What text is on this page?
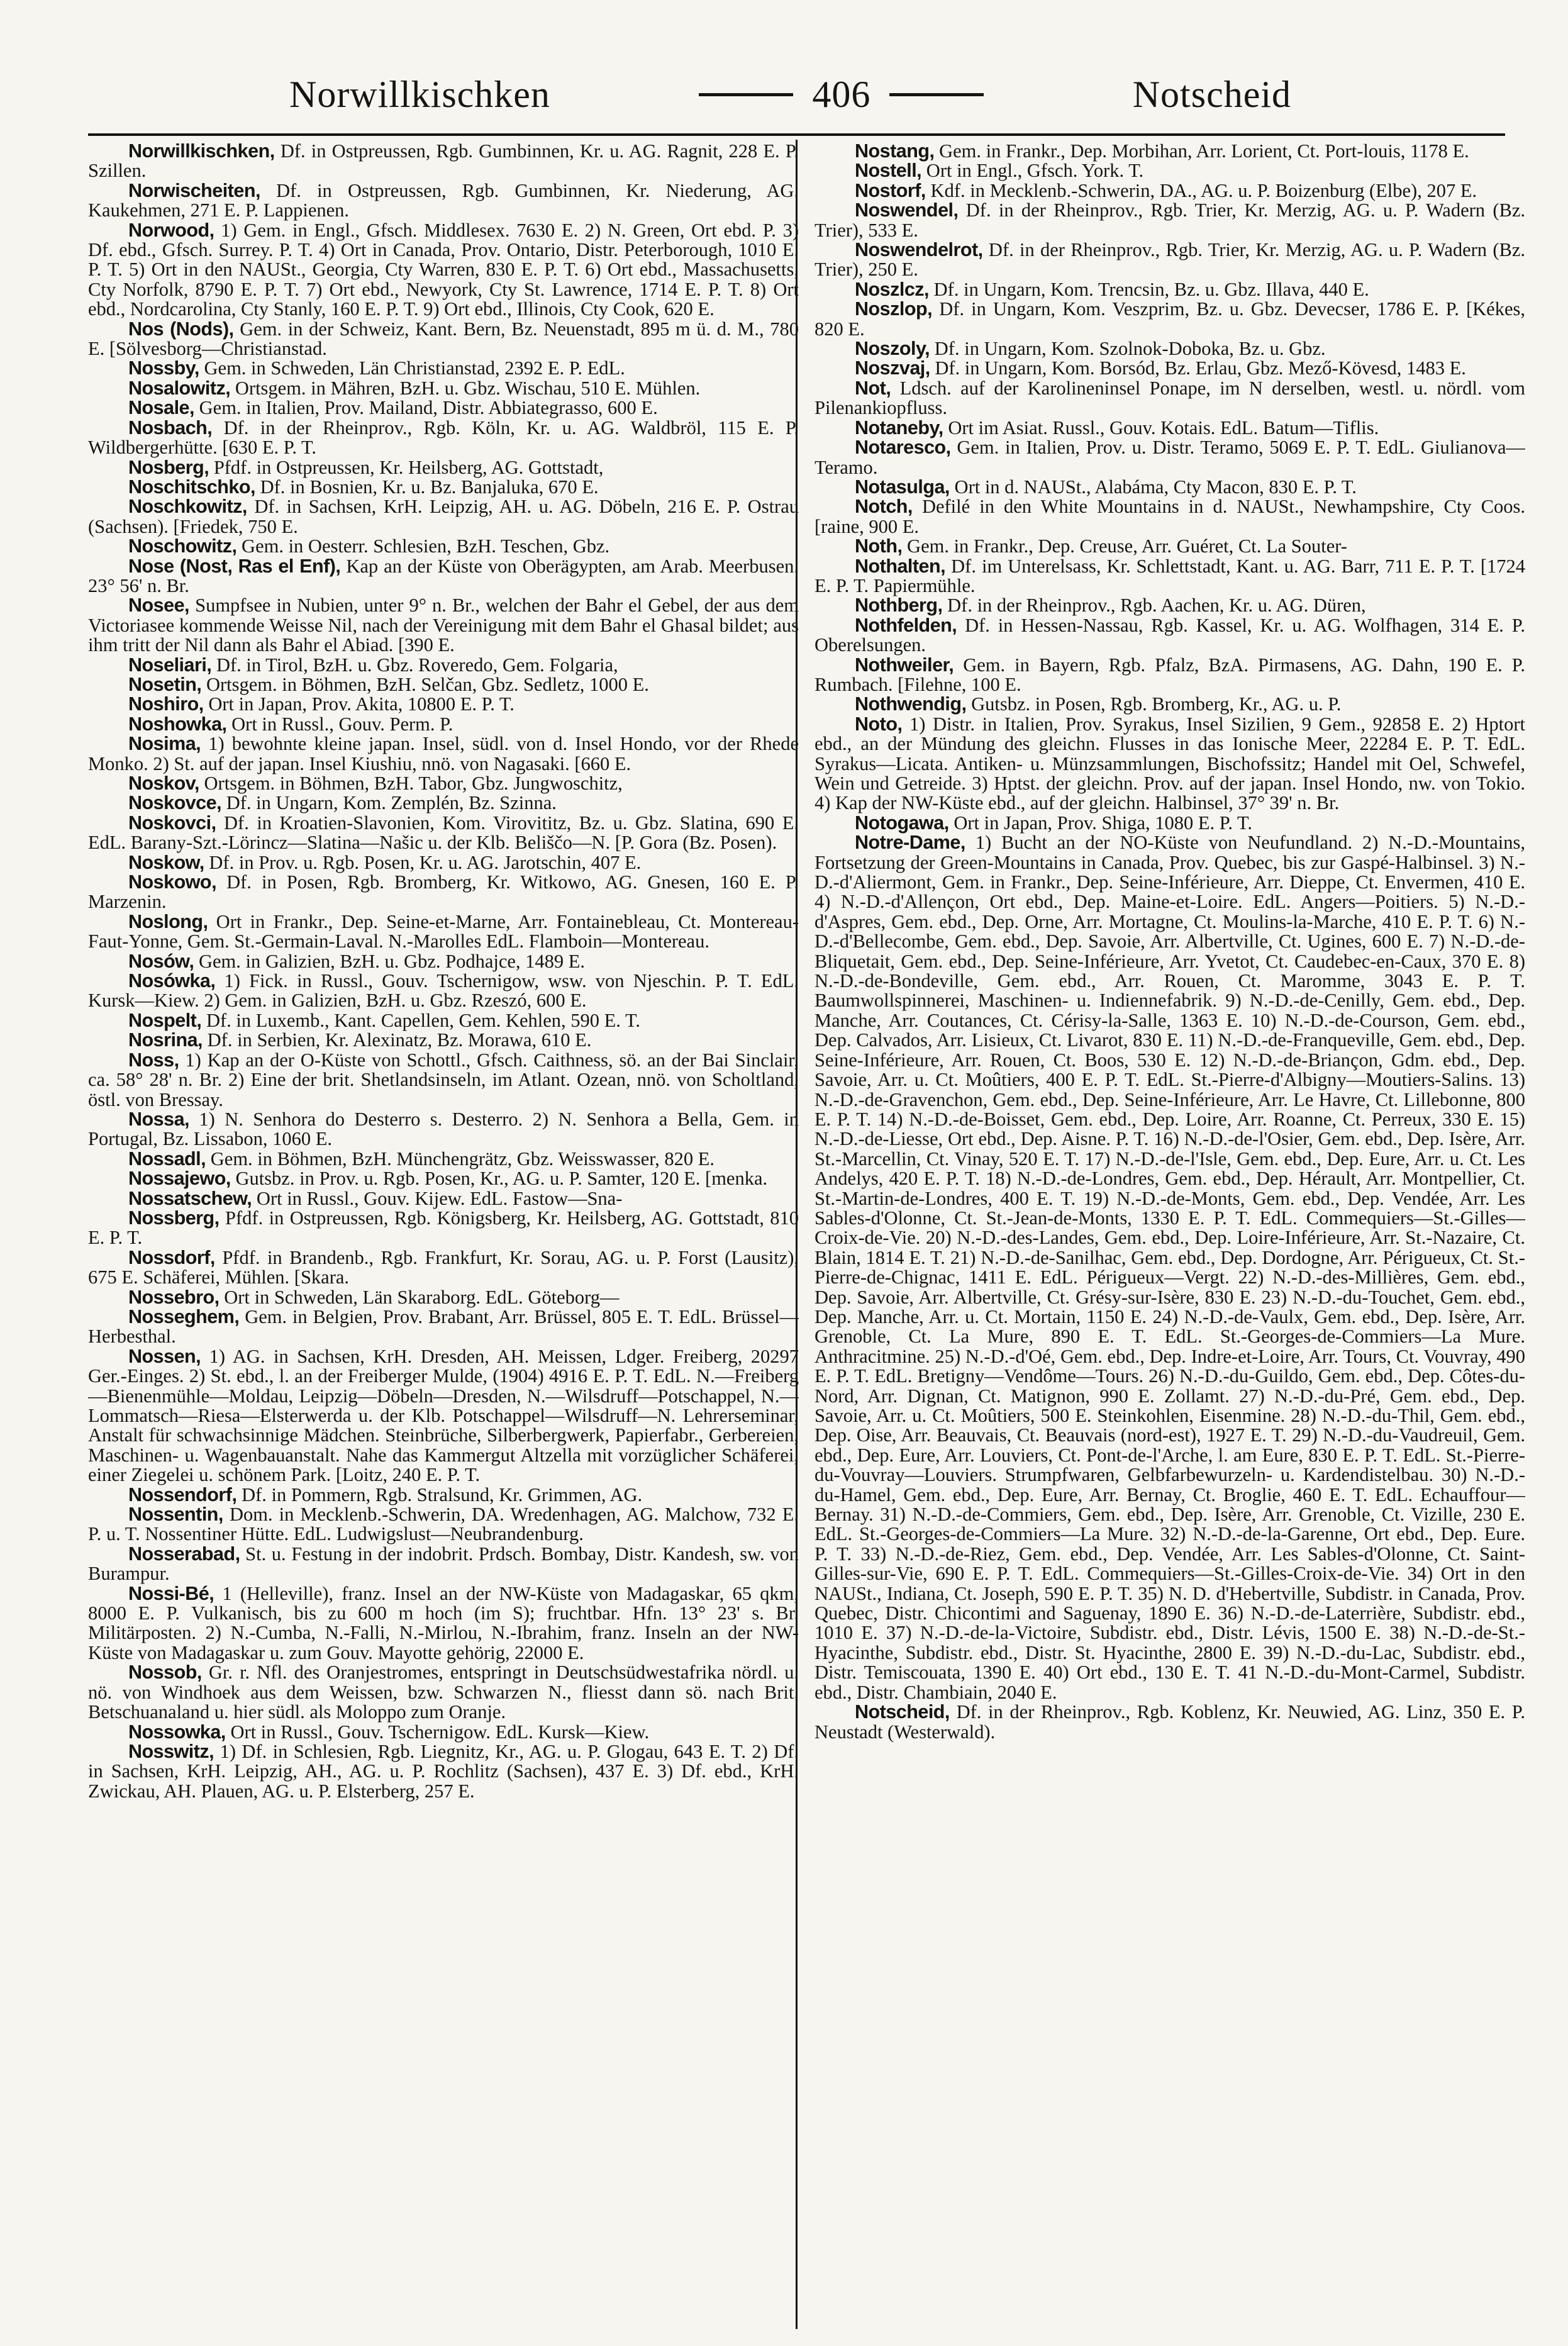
Norwillkischken	406	Notscheid

Norwillkischken, Df. in Ostpreussen, Rgb. Gumbinnen, Kr. u. AG. Ragnit, 228 E. P. Szillen.

Norwischeiten, Df. in Ostpreussen, Rgb. Gumbinnen, Kr. Niederung, AG. Kaukehmen, 271 E. P. Lappienen.

Norwood, 1) Gem. in Engl., Gfsch. Middlesex. 7630 E. 2) N. Green, Ort ebd. P. 3) Df. ebd., Gfsch. Surrey. P. T. 4) Ort in Canada, Prov. Ontario, Distr. Peterborough, 1010 E. P. T. 5) Ort in den NAUSt., Georgia, Cty Warren, 830 E. P. T. 6) Ort ebd., Massachusetts, Cty Norfolk, 8790 E. P. T. 7) Ort ebd., Newyork, Cty St. Lawrence, 1714 E. P. T. 8) Ort ebd., Nordcarolina, Cty Stanly, 160 E. P. T. 9) Ort ebd., Illinois, Cty Cook, 620 E.

Nos (Nods), Gem. in der Schweiz, Kant. Bern, Bz. Neuenstadt, 895 m ü. d. M., 780 E. [Sölvesborg—Christianstad.

Nossby, Gem. in Schweden, Län Christianstad, 2392 E. P. EdL.

Nosalowitz, Ortsgem. in Mähren, BzH. u. Gbz. Wischau, 510 E. Mühlen.

Nosale, Gem. in Italien, Prov. Mailand, Distr. Abbiategrasso, 600 E.

Nosbach, Df. in der Rheinprov., Rgb. Köln, Kr. u. AG. Waldbröl, 115 E. P. Wildbergerhütte. [630 E. P. T.

Nosberg, Pfdf. in Ostpreussen, Kr. Heilsberg, AG. Gottstadt,

Noschitschko, Df. in Bosnien, Kr. u. Bz. Banjaluka, 670 E.

Noschkowitz, Df. in Sachsen, KrH. Leipzig, AH. u. AG. Döbeln, 216 E. P. Ostrau (Sachsen). [Friedek, 750 E.

Noschowitz, Gem. in Oesterr. Schlesien, BzH. Teschen, Gbz.

Nose (Nost, Ras el Enf), Kap an der Küste von Oberägypten, am Arab. Meerbusen. 23° 56' n. Br.

Nosee, Sumpfsee in Nubien, unter 9° n. Br., welchen der Bahr el Gebel, der aus dem Victoriasee kommende Weisse Nil, nach der Vereinigung mit dem Bahr el Ghasal bildet; aus ihm tritt der Nil dann als Bahr el Abiad. [390 E.

Noseliari, Df. in Tirol, BzH. u. Gbz. Roveredo, Gem. Folgaria,

Nosetin, Ortsgem. in Böhmen, BzH. Selčan, Gbz. Sedletz, 1000 E.

Noshiro, Ort in Japan, Prov. Akita, 10800 E. P. T.

Noshowka, Ort in Russl., Gouv. Perm. P.

Nosima, 1) bewohnte kleine japan. Insel, südl. von d. Insel Hondo, vor der Rhede Monko. 2) St. auf der japan. Insel Kiushiu, nnö. von Nagasaki. [660 E.

Noskov, Ortsgem. in Böhmen, BzH. Tabor, Gbz. Jungwoschitz,

Noskovce, Df. in Ungarn, Kom. Zemplén, Bz. Szinna.

Noskovci, Df. in Kroatien-Slavonien, Kom. Virovititz, Bz. u. Gbz. Slatina, 690 E. EdL. Barany-Szt.-Lörincz—Slatina—Našic u. der Klb. Beliščo—N. [P. Gora (Bz. Posen).

Noskow, Df. in Prov. u. Rgb. Posen, Kr. u. AG. Jarotschin, 407 E.

Noskowo, Df. in Posen, Rgb. Bromberg, Kr. Witkowo, AG. Gnesen, 160 E. P. Marzenin.

Noslong, Ort in Frankr., Dep. Seine-et-Marne, Arr. Fontainebleau, Ct. Montereau-Faut-Yonne, Gem. St.-Germain-Laval. N.-Marolles EdL. Flamboin—Montereau.

Nosów, Gem. in Galizien, BzH. u. Gbz. Podhajce, 1489 E.

Nosówka, 1) Fick. in Russl., Gouv. Tschernigow, wsw. von Njeschin. P. T. EdL. Kursk—Kiew. 2) Gem. in Galizien, BzH. u. Gbz. Rzeszó, 600 E.

Nospelt, Df. in Luxemb., Kant. Capellen, Gem. Kehlen, 590 E. T.

Nosrina, Df. in Serbien, Kr. Alexinatz, Bz. Morawa, 610 E.

Noss, 1) Kap an der O-Küste von Schottl., Gfsch. Caithness, sö. an der Bai Sinclair, ca. 58° 28' n. Br. 2) Eine der brit. Shetlandsinseln, im Atlant. Ozean, nnö. von Scholtland, östl. von Bressay.

Nossa, 1) N. Senhora do Desterro s. Desterro. 2) N. Senhora a Bella, Gem. in Portugal, Bz. Lissabon, 1060 E.

Nossadl, Gem. in Böhmen, BzH. Münchengrätz, Gbz. Weisswasser, 820 E.

Nossajewo, Gutsbz. in Prov. u. Rgb. Posen, Kr., AG. u. P. Samter, 120 E. [menka.

Nossatschew, Ort in Russl., Gouv. Kijew. EdL. Fastow—Sna-

Nossberg, Pfdf. in Ostpreussen, Rgb. Königsberg, Kr. Heilsberg, AG. Gottstadt, 810 E. P. T.

Nossdorf, Pfdf. in Brandenb., Rgb. Frankfurt, Kr. Sorau, AG. u. P. Forst (Lausitz), 675 E. Schäferei, Mühlen. [Skara.

Nossebro, Ort in Schweden, Län Skaraborg. EdL. Göteborg—

Nosseghem, Gem. in Belgien, Prov. Brabant, Arr. Brüssel, 805 E. T. EdL. Brüssel—Herbesthal.

Nossen, 1) AG. in Sachsen, KrH. Dresden, AH. Meissen, Ldger. Freiberg, 20297 Ger.-Einges. 2) St. ebd., l. an der Freiberger Mulde, (1904) 4916 E. P. T. EdL. N.—Freiberg—Bienenmühle—Moldau, Leipzig—Döbeln—Dresden, N.—Wilsdruff—Potschappel, N.—Lommatsch—Riesa—Elsterwerda u. der Klb. Potschappel—Wilsdruff—N. Lehrerseminar, Anstalt für schwachsinnige Mädchen. Steinbrüche, Silberbergwerk, Papierfabr., Gerbereien, Maschinen- u. Wagenbauanstalt. Nahe das Kammergut Altzella mit vorzüglicher Schäferei, einer Ziegelei u. schönem Park. [Loitz, 240 E. P. T.

Nossendorf, Df. in Pommern, Rgb. Stralsund, Kr. Grimmen, AG.

Nossentin, Dom. in Mecklenb.-Schwerin, DA. Wredenhagen, AG. Malchow, 732 E. P. u. T. Nossentiner Hütte. EdL. Ludwigslust—Neubrandenburg.

Nosserabad, St. u. Festung in der indobrit. Prdsch. Bombay, Distr. Kandesh, sw. von Burampur.

Nossi-Bé, 1 (Helleville), franz. Insel an der NW-Küste von Madagaskar, 65 qkm, 8000 E. P. Vulkanisch, bis zu 600 m hoch (im S); fruchtbar. Hfn. 13° 23' s. Br. Militärposten. 2) N.-Cumba, N.-Falli, N.-Mirlou, N.-Ibrahim, franz. Inseln an der NW-Küste von Madagaskar u. zum Gouv. Mayotte gehörig, 22000 E.

Nossob, Gr. r. Nfl. des Oranjestromes, entspringt in Deutschsüdwestafrika nördl. u. nö. von Windhoek aus dem Weissen, bzw. Schwarzen N., fliesst dann sö. nach Brit. Betschuanaland u. hier südl. als Moloppo zum Oranje.

Nossowka, Ort in Russl., Gouv. Tschernigow. EdL. Kursk—Kiew.

Nosswitz, 1) Df. in Schlesien, Rgb. Liegnitz, Kr., AG. u. P. Glogau, 643 E. T. 2) Df. in Sachsen, KrH. Leipzig, AH., AG. u. P. Rochlitz (Sachsen), 437 E. 3) Df. ebd., KrH. Zwickau, AH. Plauen, AG. u. P. Elsterberg, 257 E.

Nostang, Gem. in Frankr., Dep. Morbihan, Arr. Lorient, Ct. Port-louis, 1178 E.

Nostell, Ort in Engl., Gfsch. York. T.

Nostorf, Kdf. in Mecklenb.-Schwerin, DA., AG. u. P. Boizenburg (Elbe), 207 E.

Noswendel, Df. in der Rheinprov., Rgb. Trier, Kr. Merzig, AG. u. P. Wadern (Bz. Trier), 533 E.

Noswendelrot, Df. in der Rheinprov., Rgb. Trier, Kr. Merzig, AG. u. P. Wadern (Bz. Trier), 250 E.

Noszlcz, Df. in Ungarn, Kom. Trencsin, Bz. u. Gbz. Illava, 440 E.

Noszlop, Df. in Ungarn, Kom. Veszprim, Bz. u. Gbz. Devecser, 1786 E. P. [Kékes, 820 E.

Noszoly, Df. in Ungarn, Kom. Szolnok-Doboka, Bz. u. Gbz.

Noszvaj, Df. in Ungarn, Kom. Borsód, Bz. Erlau, Gbz. Mező-Kövesd, 1483 E.

Not, Ldsch. auf der Karolineninsel Ponape, im N derselben, westl. u. nördl. vom Pilenankiopfluss.

Notaneby, Ort im Asiat. Russl., Gouv. Kotais. EdL. Batum—Tiflis.

Notaresco, Gem. in Italien, Prov. u. Distr. Teramo, 5069 E. P. T. EdL. Giulianova—Teramo.

Notasulga, Ort in d. NAUSt., Alabáma, Cty Macon, 830 E. P. T.

Notch, Defilé in den White Mountains in d. NAUSt., Newhampshire, Cty Coos. [raine, 900 E.

Noth, Gem. in Frankr., Dep. Creuse, Arr. Guéret, Ct. La Souter-

Nothalten, Df. im Unterelsass, Kr. Schlettstadt, Kant. u. AG. Barr, 711 E. P. T. [1724 E. P. T. Papiermühle.

Nothberg, Df. in der Rheinprov., Rgb. Aachen, Kr. u. AG. Düren,

Nothfelden, Df. in Hessen-Nassau, Rgb. Kassel, Kr. u. AG. Wolfhagen, 314 E. P. Oberelsungen.

Nothweiler, Gem. in Bayern, Rgb. Pfalz, BzA. Pirmasens, AG. Dahn, 190 E. P. Rumbach. [Filehne, 100 E.

Nothwendig, Gutsbz. in Posen, Rgb. Bromberg, Kr., AG. u. P.

Noto, 1) Distr. in Italien, Prov. Syrakus, Insel Sizilien, 9 Gem., 92858 E. 2) Hptort ebd., an der Mündung des gleichn. Flusses in das Ionische Meer, 22284 E. P. T. EdL. Syrakus—Licata. Antiken- u. Münzsammlungen, Bischofssitz; Handel mit Oel, Schwefel, Wein und Getreide. 3) Hptst. der gleichn. Prov. auf der japan. Insel Hondo, nw. von Tokio. 4) Kap der NW-Küste ebd., auf der gleichn. Halbinsel, 37° 39' n. Br.

Notogawa, Ort in Japan, Prov. Shiga, 1080 E. P. T.

Notre-Dame, 1) Bucht an der NO-Küste von Neufundland. 2) N.-D.-Mountains, Fortsetzung der Green-Mountains in Canada, Prov. Quebec, bis zur Gaspé-Halbinsel. 3) N.-D.-d'Aliermont, Gem. in Frankr., Dep. Seine-Inférieure, Arr. Dieppe, Ct. Envermen, 410 E. 4) N.-D.-d'Allençon, Ort ebd., Dep. Maine-et-Loire. EdL. Angers—Poitiers. 5) N.-D.-d'Aspres, Gem. ebd., Dep. Orne, Arr. Mortagne, Ct. Moulins-la-Marche, 410 E. P. T. 6) N.-D.-d'Bellecombe, Gem. ebd., Dep. Savoie, Arr. Albertville, Ct. Ugines, 600 E. 7) N.-D.-de-Bliquetait, Gem. ebd., Dep. Seine-Inférieure, Arr. Yvetot, Ct. Caudebec-en-Caux, 370 E. 8) N.-D.-de-Bondeville, Gem. ebd., Arr. Rouen, Ct. Maromme, 3043 E. P. T. Baumwollspinnerei, Maschinen- u. Indiennefabrik. 9) N.-D.-de-Cenilly, Gem. ebd., Dep. Manche, Arr. Coutances, Ct. Cérisy-la-Salle, 1363 E. 10) N.-D.-de-Courson, Gem. ebd., Dep. Calvados, Arr. Lisieux, Ct. Livarot, 830 E. 11) N.-D.-de-Franqueville, Gem. ebd., Dep. Seine-Inférieure, Arr. Rouen, Ct. Boos, 530 E. 12) N.-D.-de-Briançon, Gdm. ebd., Dep. Savoie, Arr. u. Ct. Moûtiers, 400 E. P. T. EdL. St.-Pierre-d'Albigny—Moutiers-Salins. 13) N.-D.-de-Gravenchon, Gem. ebd., Dep. Seine-Inférieure, Arr. Le Havre, Ct. Lillebonne, 800 E. P. T. 14) N.-D.-de-Boisset, Gem. ebd., Dep. Loire, Arr. Roanne, Ct. Perreux, 330 E. 15) N.-D.-de-Liesse, Ort ebd., Dep. Aisne. P. T. 16) N.-D.-de-l'Osier, Gem. ebd., Dep. Isère, Arr. St.-Marcellin, Ct. Vinay, 520 E. T. 17) N.-D.-de-l'Isle, Gem. ebd., Dep. Eure, Arr. u. Ct. Les Andelys, 420 E. P. T. 18) N.-D.-de-Londres, Gem. ebd., Dep. Hérault, Arr. Montpellier, Ct. St.-Martin-de-Londres, 400 E. T. 19) N.-D.-de-Monts, Gem. ebd., Dep. Vendée, Arr. Les Sables-d'Olonne, Ct. St.-Jean-de-Monts, 1330 E. P. T. EdL. Commequiers—St.-Gilles—Croix-de-Vie. 20) N.-D.-des-Landes, Gem. ebd., Dep. Loire-Inférieure, Arr. St.-Nazaire, Ct. Blain, 1814 E. T. 21) N.-D.-de-Sanilhac, Gem. ebd., Dep. Dordogne, Arr. Périgueux, Ct. St.-Pierre-de-Chignac, 1411 E. EdL. Périgueux—Vergt. 22) N.-D.-des-Millières, Gem. ebd., Dep. Savoie, Arr. Albertville, Ct. Grésy-sur-Isère, 830 E. 23) N.-D.-du-Touchet, Gem. ebd., Dep. Manche, Arr. u. Ct. Mortain, 1150 E. 24) N.-D.-de-Vaulx, Gem. ebd., Dep. Isère, Arr. Grenoble, Ct. La Mure, 890 E. T. EdL. St.-Georges-de-Commiers—La Mure. Anthracitmine. 25) N.-D.-d'Oé, Gem. ebd., Dep. Indre-et-Loire, Arr. Tours, Ct. Vouvray, 490 E. P. T. EdL. Bretigny—Vendôme—Tours. 26) N.-D.-du-Guildo, Gem. ebd., Dep. Côtes-du-Nord, Arr. Dignan, Ct. Matignon, 990 E. Zollamt. 27) N.-D.-du-Pré, Gem. ebd., Dep. Savoie, Arr. u. Ct. Moûtiers, 500 E. Steinkohlen, Eisenmine. 28) N.-D.-du-Thil, Gem. ebd., Dep. Oise, Arr. Beauvais, Ct. Beauvais (nord-est), 1927 E. T. 29) N.-D.-du-Vaudreuil, Gem. ebd., Dep. Eure, Arr. Louviers, Ct. Pont-de-l'Arche, l. am Eure, 830 E. P. T. EdL. St.-Pierre-du-Vouvray—Louviers. Strumpfwaren, Gelbfarbewurzeln- u. Kardendistelbau. 30) N.-D.-du-Hamel, Gem. ebd., Dep. Eure, Arr. Bernay, Ct. Broglie, 460 E. T. EdL. Echauffour—Bernay. 31) N.-D.-de-Commiers, Gem. ebd., Dep. Isère, Arr. Grenoble, Ct. Vizille, 230 E. EdL. St.-Georges-de-Commiers—La Mure. 32) N.-D.-de-la-Garenne, Ort ebd., Dep. Eure. P. T. 33) N.-D.-de-Riez, Gem. ebd., Dep. Vendée, Arr. Les Sables-d'Olonne, Ct. Saint-Gilles-sur-Vie, 690 E. P. T. EdL. Commequiers—St.-Gilles-Croix-de-Vie. 34) Ort in den NAUSt., Indiana, Ct. Joseph, 590 E. P. T. 35) N. D. d'Hebertville, Subdistr. in Canada, Prov. Quebec, Distr. Chicontimi and Saguenay, 1890 E. 36) N.-D.-de-Laterrière, Subdistr. ebd., 1010 E. 37) N.-D.-de-la-Victoire, Subdistr. ebd., Distr. Lévis, 1500 E. 38) N.-D.-de-St.-Hyacinthe, Subdistr. ebd., Distr. St. Hyacinthe, 2800 E. 39) N.-D.-du-Lac, Subdistr. ebd., Distr. Temiscouata, 1390 E. 40) Ort ebd., 130 E. T. 41 N.-D.-du-Mont-Carmel, Subdistr. ebd., Distr. Chambiain, 2040 E.

Notscheid, Df. in der Rheinprov., Rgb. Koblenz, Kr. Neuwied, AG. Linz, 350 E. P. Neustadt (Westerwald).
